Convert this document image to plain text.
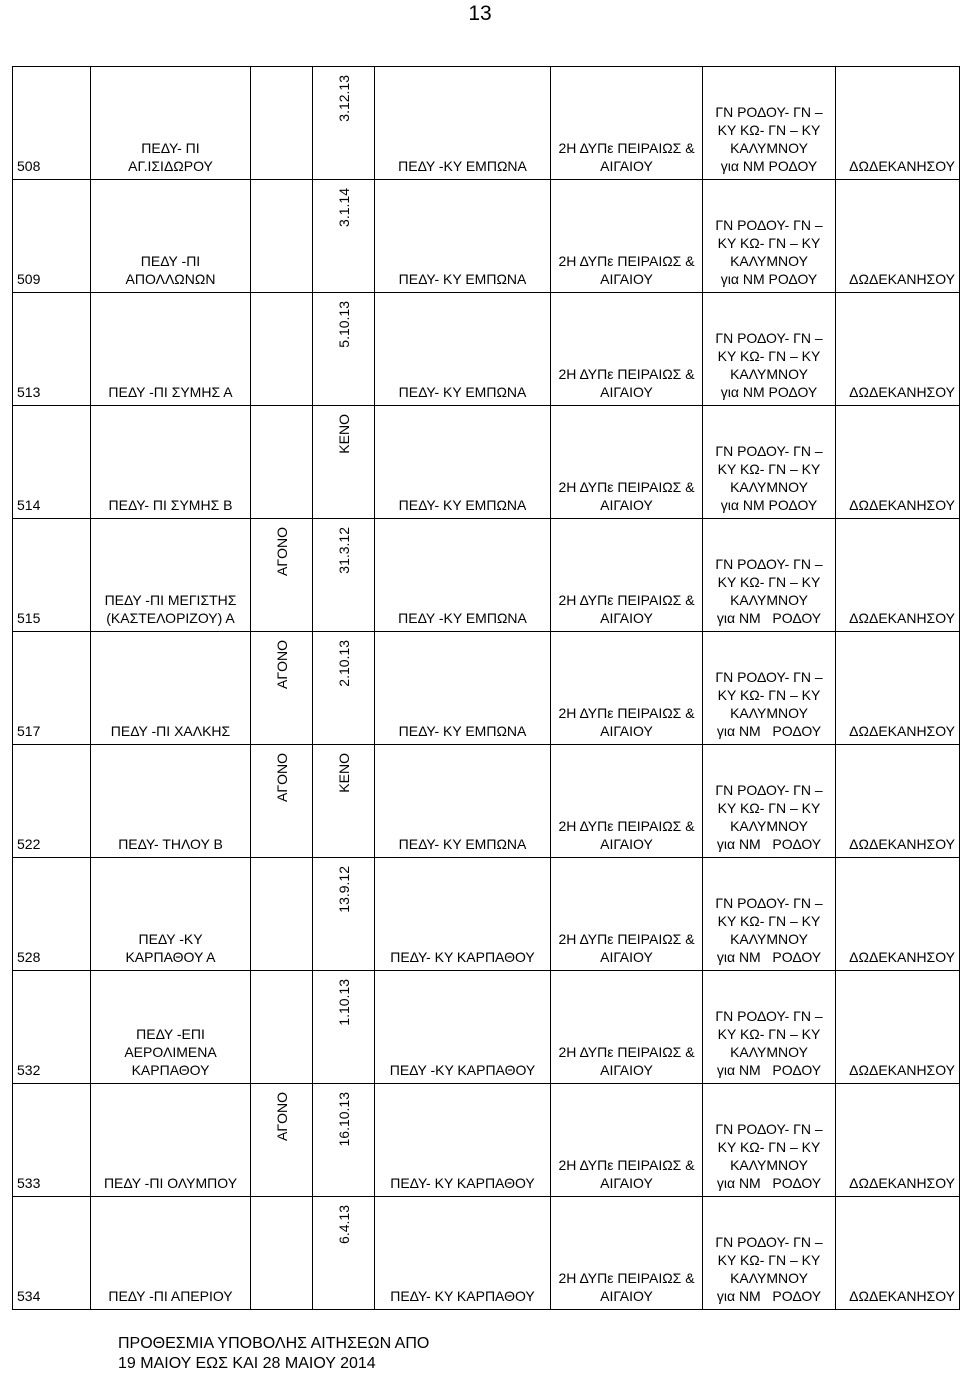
13
508	ΠΕΔΥ- ΠΙ
ΑΓ.ΙΣΙΔΩΡΟΥ		3.12.13	ΠΕΔΥ -ΚΥ ΕΜΠΩΝΑ	2Η ΔΥΠε ΠΕΙΡΑΙΩΣ &
ΑΙΓΑΙΟΥ	ΓΝ ΡΟΔΟΥ- ΓΝ –
ΚΥ ΚΩ- ΓΝ – ΚΥ
ΚΑΛΥΜΝΟΥ
για ΝΜ ΡΟΔΟΥ	ΔΩΔΕΚΑΝΗΣΟΥ
509	ΠΕΔΥ -ΠΙ
ΑΠΟΛΛΩΝΩΝ		3.1.14	ΠΕΔΥ- ΚΥ ΕΜΠΩΝΑ	2Η ΔΥΠε ΠΕΙΡΑΙΩΣ &
ΑΙΓΑΙΟΥ	ΓΝ ΡΟΔΟΥ- ΓΝ –
ΚΥ ΚΩ- ΓΝ – ΚΥ
ΚΑΛΥΜΝΟΥ
για ΝΜ ΡΟΔΟΥ	ΔΩΔΕΚΑΝΗΣΟΥ
513	ΠΕΔΥ -ΠΙ ΣΥΜΗΣ Α		5.10.13	ΠΕΔΥ- ΚΥ ΕΜΠΩΝΑ	2Η ΔΥΠε ΠΕΙΡΑΙΩΣ &
ΑΙΓΑΙΟΥ	ΓΝ ΡΟΔΟΥ- ΓΝ –
ΚΥ ΚΩ- ΓΝ – ΚΥ
ΚΑΛΥΜΝΟΥ
για ΝΜ ΡΟΔΟΥ	ΔΩΔΕΚΑΝΗΣΟΥ
514	ΠΕΔΥ- ΠΙ ΣΥΜΗΣ Β		ΚΕΝΟ	ΠΕΔΥ- ΚΥ ΕΜΠΩΝΑ	2Η ΔΥΠε ΠΕΙΡΑΙΩΣ &
ΑΙΓΑΙΟΥ	ΓΝ ΡΟΔΟΥ- ΓΝ –
ΚΥ ΚΩ- ΓΝ – ΚΥ
ΚΑΛΥΜΝΟΥ
για ΝΜ ΡΟΔΟΥ	ΔΩΔΕΚΑΝΗΣΟΥ
515	ΠΕΔΥ -ΠΙ ΜΕΓΙΣΤΗΣ
(ΚΑΣΤΕΛΟΡΙΖΟΥ) Α	ΑΓΟΝΟ	31.3.12	ΠΕΔΥ -ΚΥ ΕΜΠΩΝΑ	2Η ΔΥΠε ΠΕΙΡΑΙΩΣ &
ΑΙΓΑΙΟΥ	ΓΝ ΡΟΔΟΥ- ΓΝ –
ΚΥ ΚΩ- ΓΝ – ΚΥ
ΚΑΛΥΜΝΟΥ
για ΝΜ   ΡΟΔΟΥ	ΔΩΔΕΚΑΝΗΣΟΥ
517	ΠΕΔΥ -ΠΙ ΧΑΛΚΗΣ	ΑΓΟΝΟ	2.10.13	ΠΕΔΥ- ΚΥ ΕΜΠΩΝΑ	2Η ΔΥΠε ΠΕΙΡΑΙΩΣ &
ΑΙΓΑΙΟΥ	ΓΝ ΡΟΔΟΥ- ΓΝ –
ΚΥ ΚΩ- ΓΝ – ΚΥ
ΚΑΛΥΜΝΟΥ
για ΝΜ   ΡΟΔΟΥ	ΔΩΔΕΚΑΝΗΣΟΥ
522	ΠΕΔΥ- ΤΗΛΟΥ Β	ΑΓΟΝΟ	ΚΕΝΟ	ΠΕΔΥ- ΚΥ ΕΜΠΩΝΑ	2Η ΔΥΠε ΠΕΙΡΑΙΩΣ &
ΑΙΓΑΙΟΥ	ΓΝ ΡΟΔΟΥ- ΓΝ –
ΚΥ ΚΩ- ΓΝ – ΚΥ
ΚΑΛΥΜΝΟΥ
για ΝΜ   ΡΟΔΟΥ	ΔΩΔΕΚΑΝΗΣΟΥ
528	ΠΕΔΥ -ΚΥ
ΚΑΡΠΑΘΟΥ Α		13.9.12	ΠΕΔΥ- ΚΥ ΚΑΡΠΑΘΟΥ	2Η ΔΥΠε ΠΕΙΡΑΙΩΣ &
ΑΙΓΑΙΟΥ	ΓΝ ΡΟΔΟΥ- ΓΝ –
ΚΥ ΚΩ- ΓΝ – ΚΥ
ΚΑΛΥΜΝΟΥ
για ΝΜ   ΡΟΔΟΥ	ΔΩΔΕΚΑΝΗΣΟΥ
532	ΠΕΔΥ -ΕΠΙ
ΑΕΡΟΛΙΜΕΝΑ
ΚΑΡΠΑΘΟΥ		1.10.13	ΠΕΔΥ -ΚΥ ΚΑΡΠΑΘΟΥ	2Η ΔΥΠε ΠΕΙΡΑΙΩΣ &
ΑΙΓΑΙΟΥ	ΓΝ ΡΟΔΟΥ- ΓΝ –
ΚΥ ΚΩ- ΓΝ – ΚΥ
ΚΑΛΥΜΝΟΥ
για ΝΜ   ΡΟΔΟΥ	ΔΩΔΕΚΑΝΗΣΟΥ
533	ΠΕΔΥ -ΠΙ ΟΛΥΜΠΟΥ	ΑΓΟΝΟ	16.10.13	ΠΕΔΥ- ΚΥ ΚΑΡΠΑΘΟΥ	2Η ΔΥΠε ΠΕΙΡΑΙΩΣ &
ΑΙΓΑΙΟΥ	ΓΝ ΡΟΔΟΥ- ΓΝ –
ΚΥ ΚΩ- ΓΝ – ΚΥ
ΚΑΛΥΜΝΟΥ
για ΝΜ   ΡΟΔΟΥ	ΔΩΔΕΚΑΝΗΣΟΥ
534	ΠΕΔΥ -ΠΙ ΑΠΕΡΙΟΥ		6.4.13	ΠΕΔΥ- ΚΥ ΚΑΡΠΑΘΟΥ	2Η ΔΥΠε ΠΕΙΡΑΙΩΣ &
ΑΙΓΑΙΟΥ	ΓΝ ΡΟΔΟΥ- ΓΝ –
ΚΥ ΚΩ- ΓΝ – ΚΥ
ΚΑΛΥΜΝΟΥ
για ΝΜ   ΡΟΔΟΥ	ΔΩΔΕΚΑΝΗΣΟΥ
ΠΡΟΘΕΣΜΙΑ ΥΠΟΒΟΛΗΣ ΑΙΤΗΣΕΩΝ ΑΠΟ
19 ΜΑΙΟΥ ΕΩΣ ΚΑΙ 28 ΜΑΙΟΥ 2014
